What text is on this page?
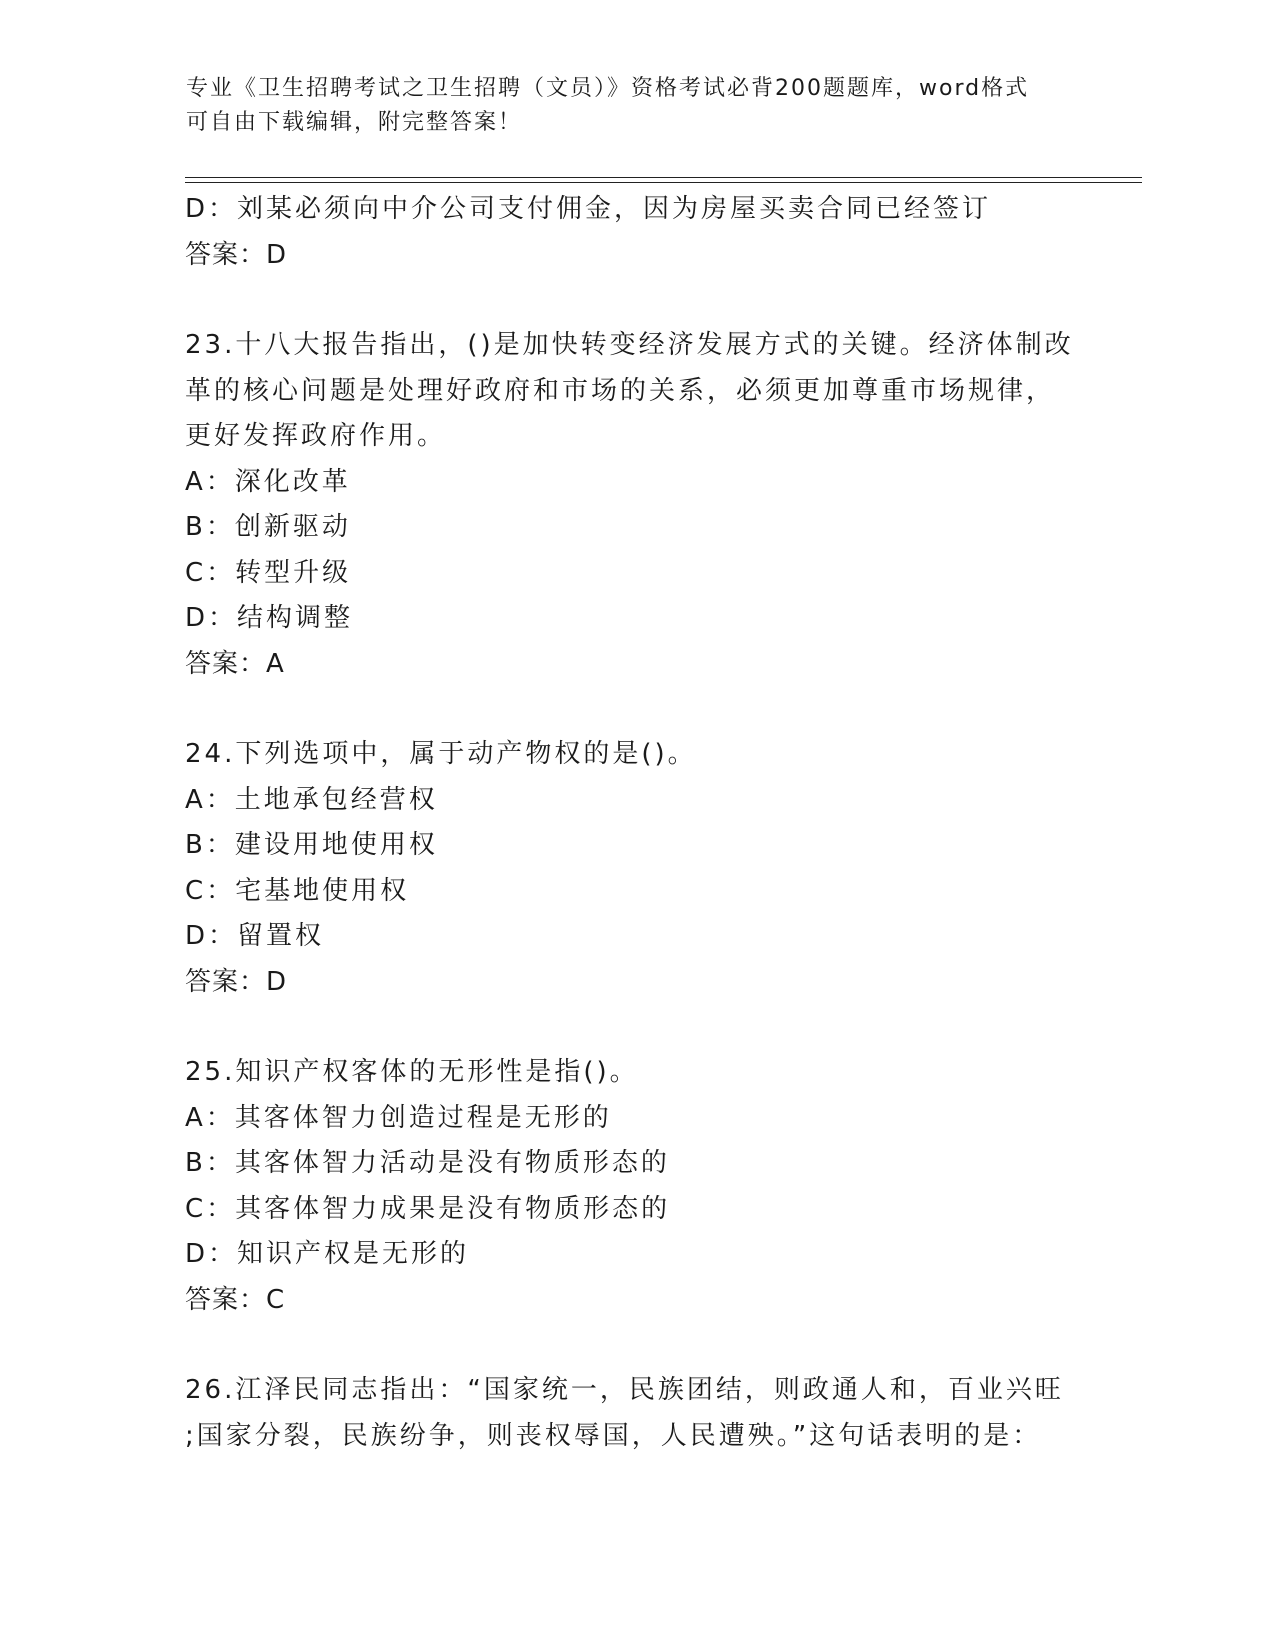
专业《卫生招聘考试之卫生招聘（文员）》资格考试必背200题题库，word格式
可自由下载编辑，附完整答案！
D：刘某必须向中介公司支付佣金，因为房屋买卖合同已经签订
答案：D
23.十八大报告指出，()是加快转变经济发展方式的关键。经济体制改
革的核心问题是处理好政府和市场的关系，必须更加尊重市场规律，
更好发挥政府作用。
A：深化改革
B：创新驱动
C：转型升级
D：结构调整
答案：A
24.下列选项中，属于动产物权的是()。
A：土地承包经营权
B：建设用地使用权
C：宅基地使用权
D：留置权
答案：D
25.知识产权客体的无形性是指()。
A：其客体智力创造过程是无形的
B：其客体智力活动是没有物质形态的
C：其客体智力成果是没有物质形态的
D：知识产权是无形的
答案：C
26.江泽民同志指出：“国家统一，民族团结，则政通人和，百业兴旺
;国家分裂，民族纷争，则丧权辱国，人民遭殃。”这句话表明的是：
